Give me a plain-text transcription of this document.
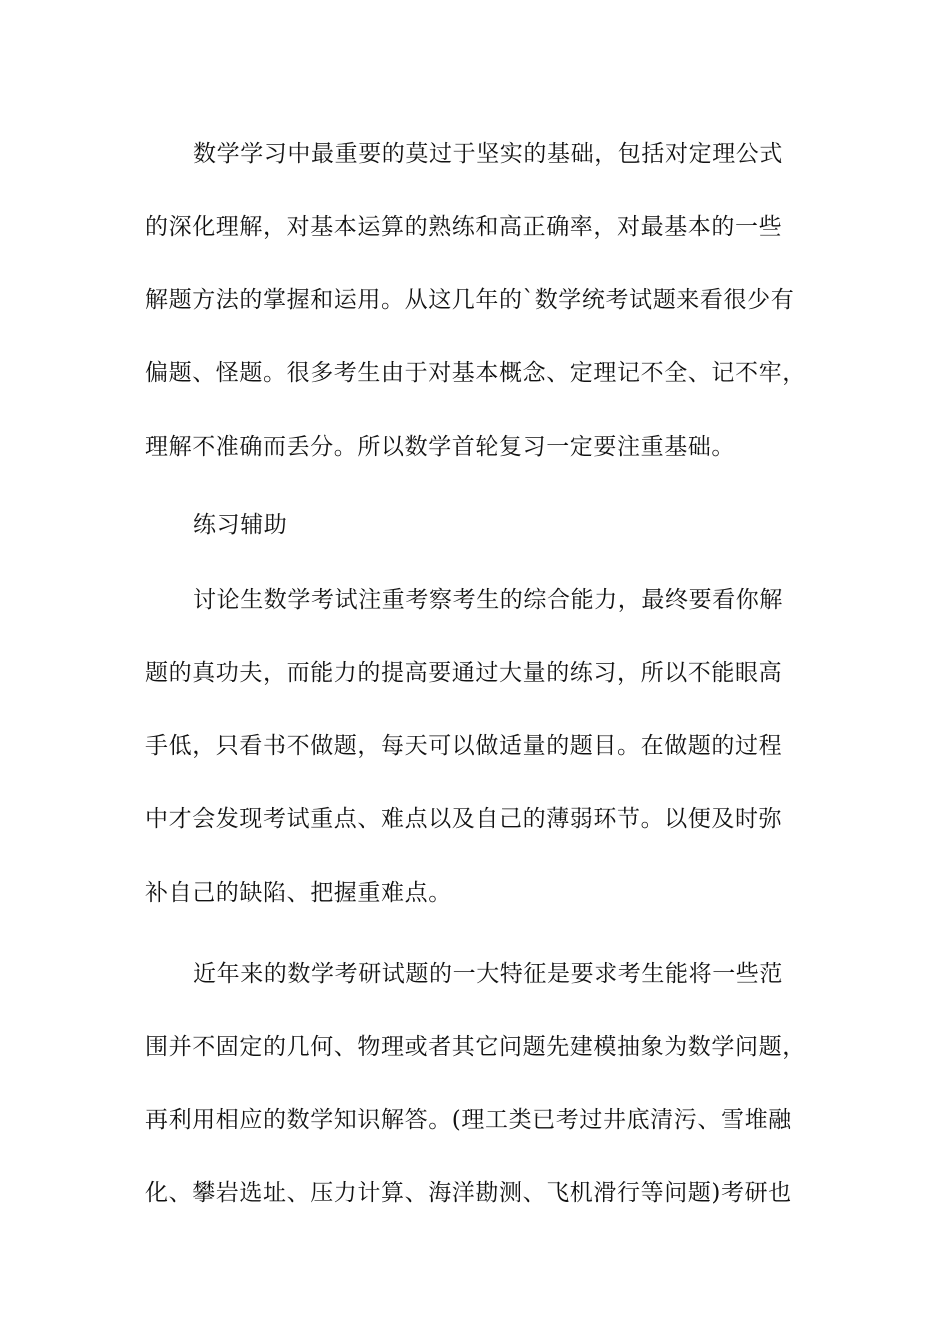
数学学习中最重要的莫过于坚实的基础，包括对定理公式
的深化理解，对基本运算的熟练和高正确率，对最基本的一些
解题方法的掌握和运用。从这几年的`数学统考试题来看很少有
偏题、怪题。很多考生由于对基本概念、定理记不全、记不牢，
理解不准确而丢分。所以数学首轮复习一定要注重基础。
练习辅助
讨论生数学考试注重考察考生的综合能力，最终要看你解
题的真功夫，而能力的提高要通过大量的练习，所以不能眼高
手低，只看书不做题，每天可以做适量的题目。在做题的过程
中才会发现考试重点、难点以及自己的薄弱环节。以便及时弥
补自己的缺陷、把握重难点。
近年来的数学考研试题的一大特征是要求考生能将一些范
围并不固定的几何、物理或者其它问题先建模抽象为数学问题，
再利用相应的数学知识解答。(理工类已考过井底清污、雪堆融
化、攀岩选址、压力计算、海洋勘测、飞机滑行等问题)考研也
